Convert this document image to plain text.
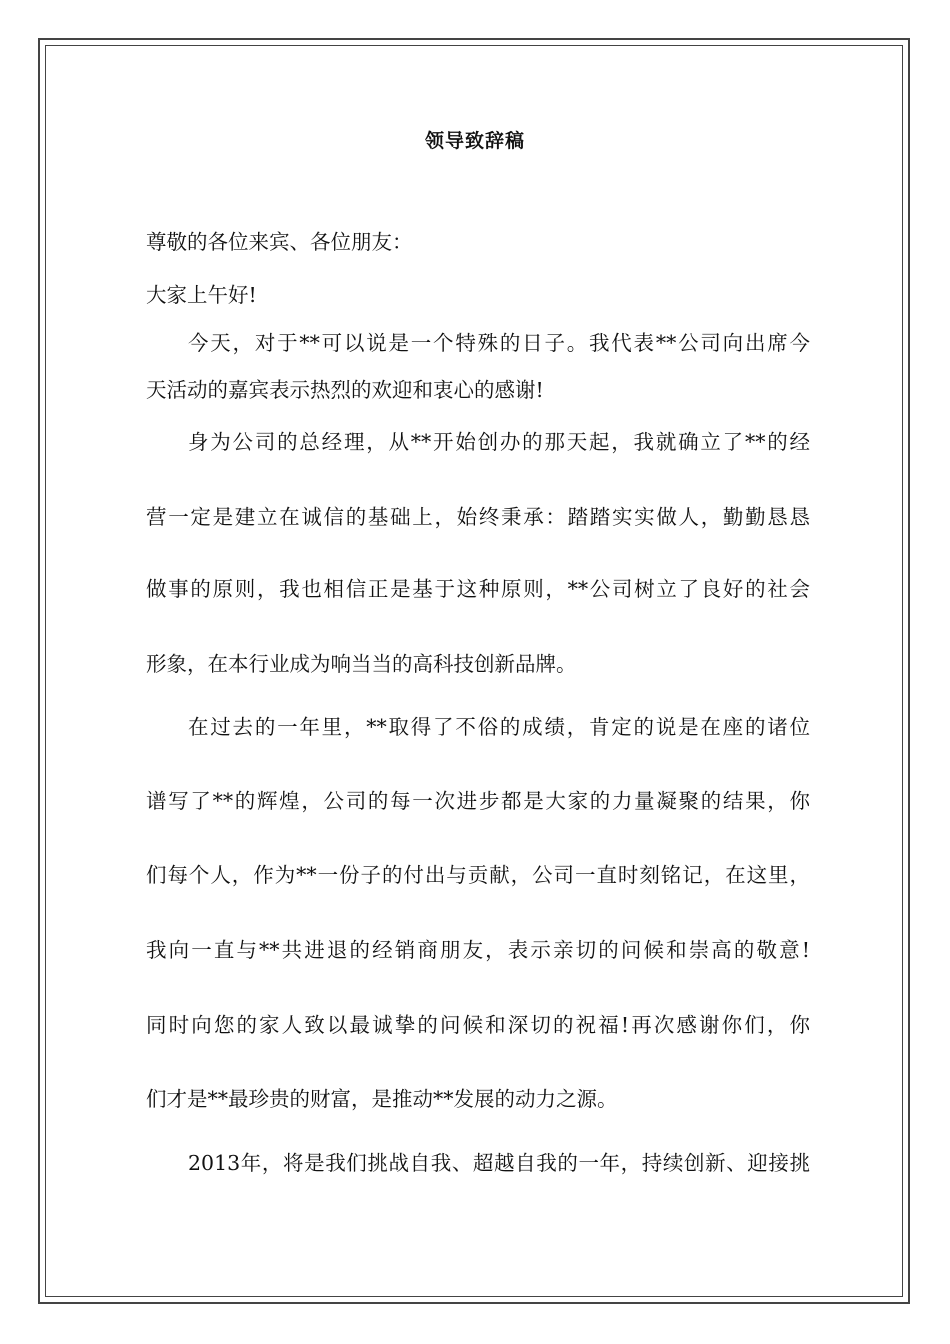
领导致辞稿
尊敬的各位来宾、各位朋友：
大家上午好!
今天，对于**可以说是一个特殊的日子。我代表**公司向出席今
天活动的嘉宾表示热烈的欢迎和衷心的感谢!
身为公司的总经理，从**开始创办的那天起，我就确立了**的经
营一定是建立在诚信的基础上，始终秉承：踏踏实实做人，勤勤恳恳
做事的原则，我也相信正是基于这种原则，**公司树立了良好的社会
形象，在本行业成为响当当的高科技创新品牌。
在过去的一年里，**取得了不俗的成绩，肯定的说是在座的诸位
谱写了**的辉煌，公司的每一次进步都是大家的力量凝聚的结果，你
们每个人，作为**一份子的付出与贡献，公司一直时刻铭记，在这里，
我向一直与**共进退的经销商朋友，表示亲切的问候和崇高的敬意!
同时向您的家人致以最诚挚的问候和深切的祝福!再次感谢你们，你
们才是**最珍贵的财富，是推动**发展的动力之源。
2013年，将是我们挑战自我、超越自我的一年，持续创新、迎接挑
